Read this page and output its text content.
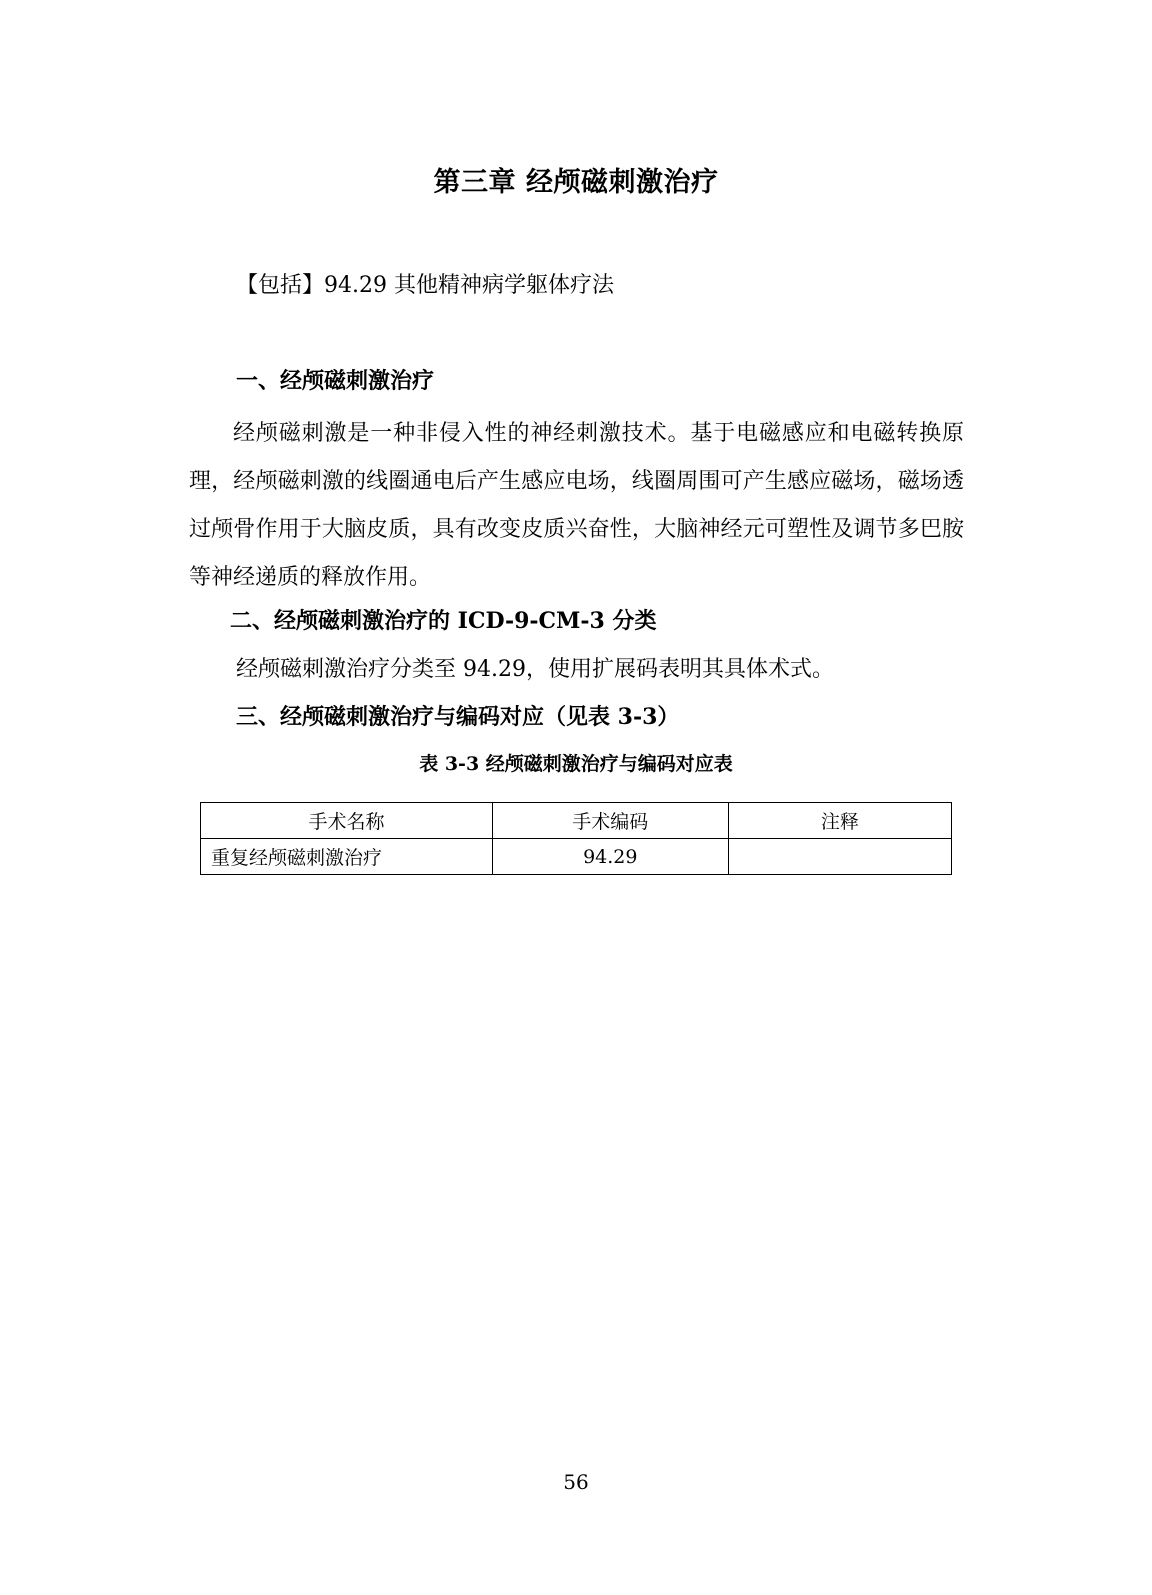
第三章 经颅磁刺激治疗
【包括】94.29 其他精神病学躯体疗法
一、经颅磁刺激治疗
经颅磁刺激是一种非侵入性的神经刺激技术。基于电磁感应和电磁转换原理，经颅磁刺激的线圈通电后产生感应电场，线圈周围可产生感应磁场，磁场透过颅骨作用于大脑皮质，具有改变皮质兴奋性，大脑神经元可塑性及调节多巴胺等神经递质的释放作用。
二、经颅磁刺激治疗的 ICD-9-CM-3 分类
经颅磁刺激治疗分类至 94.29，使用扩展码表明其具体术式。
三、经颅磁刺激治疗与编码对应（见表 3-3）
表 3-3 经颅磁刺激治疗与编码对应表
手术名称	手术编码	注释
重复经颅磁刺激治疗	94.29	
56
